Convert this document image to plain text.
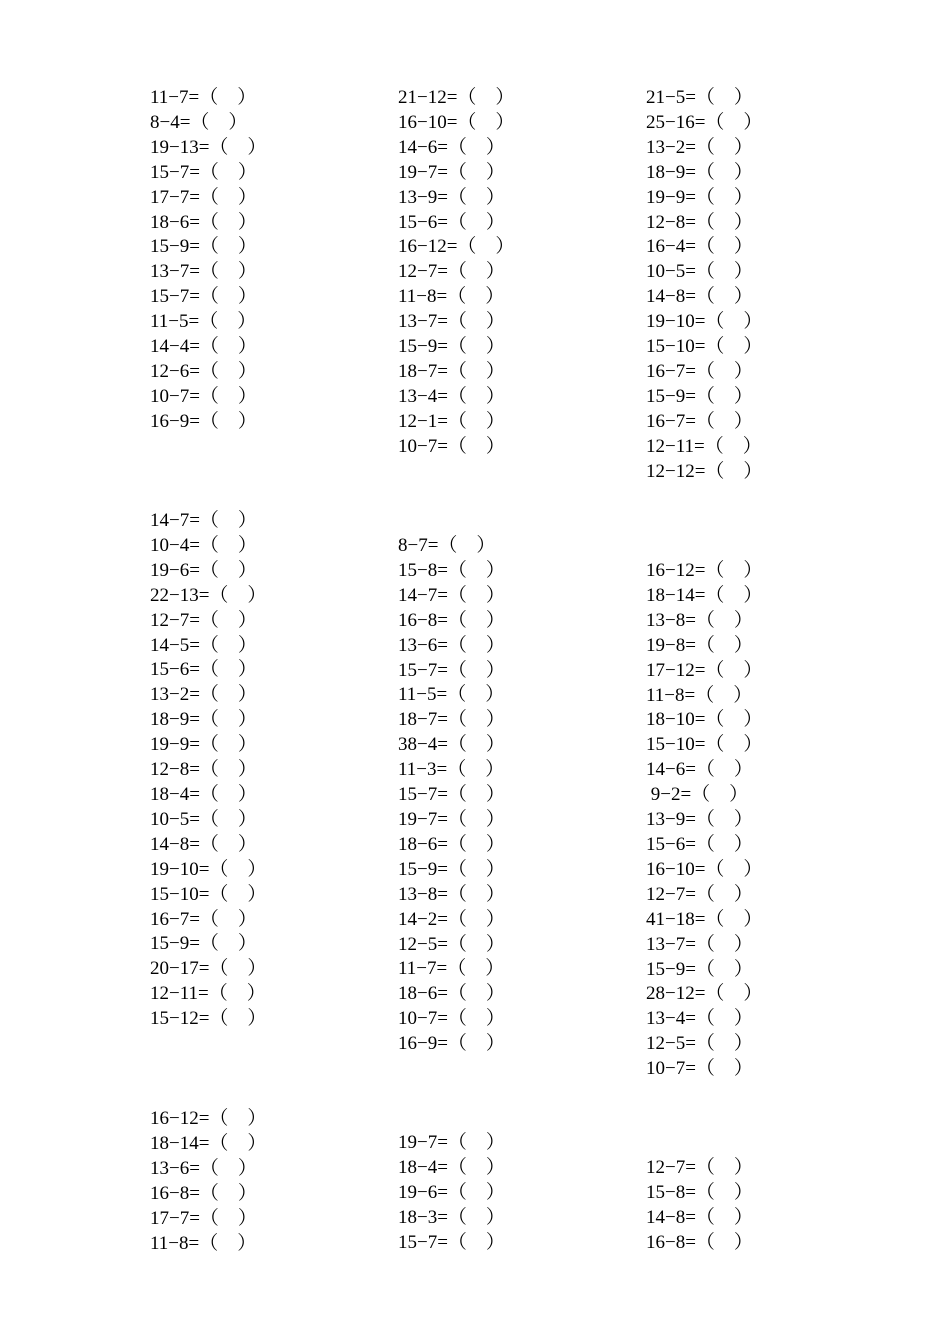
11−7=（　）
8−4=（　）
19−13=（　）
15−7=（　）
17−7=（　）
18−6=（　）
15−9=（　）
13−7=（　）
15−7=（　）
11−5=（　）
14−4=（　）
12−6=（　）
10−7=（　）
16−9=（　）
21−12=（　）
16−10=（　）
14−6=（　）
19−7=（　）
13−9=（　）
15−6=（　）
16−12=（　）
12−7=（　）
11−8=（　）
13−7=（　）
15−9=（　）
18−7=（　）
13−4=（　）
12−1=（　）
10−7=（　）
21−5=（　）
25−16=（　）
13−2=（　）
18−9=（　）
19−9=（　）
12−8=（　）
16−4=（　）
10−5=（　）
14−8=（　）
19−10=（　）
15−10=（　）
16−7=（　）
15−9=（　）
16−7=（　）
12−11=（　）
12−12=（　）
14−7=（　）
10−4=（　）
19−6=（　）
22−13=（　）
12−7=（　）
14−5=（　）
15−6=（　）
13−2=（　）
18−9=（　）
19−9=（　）
12−8=（　）
18−4=（　）
10−5=（　）
14−8=（　）
19−10=（　）
15−10=（　）
16−7=（　）
15−9=（　）
20−17=（　）
12−11=（　）
15−12=（　）
8−7=（　）
15−8=（　）
14−7=（　）
16−8=（　）
13−6=（　）
15−7=（　）
11−5=（　）
18−7=（　）
38−4=（　）
11−3=（　）
15−7=（　）
19−7=（　）
18−6=（　）
15−9=（　）
13−8=（　）
14−2=（　）
12−5=（　）
11−7=（　）
18−6=（　）
10−7=（　）
16−9=（　）
16−12=（　）
18−14=（　）
13−8=（　）
19−8=（　）
17−12=（　）
11−8=（　）
18−10=（　）
15−10=（　）
14−6=（　）
9−2=（　）
13−9=（　）
15−6=（　）
16−10=（　）
12−7=（　）
41−18=（　）
13−7=（　）
15−9=（　）
28−12=（　）
13−4=（　）
12−5=（　）
10−7=（　）
16−12=（　）
18−14=（　）
13−6=（　）
16−8=（　）
17−7=（　）
11−8=（　）
19−7=（　）
18−4=（　）
19−6=（　）
18−3=（　）
15−7=（　）
12−7=（　）
15−8=（　）
14−8=（　）
16−8=（　）
